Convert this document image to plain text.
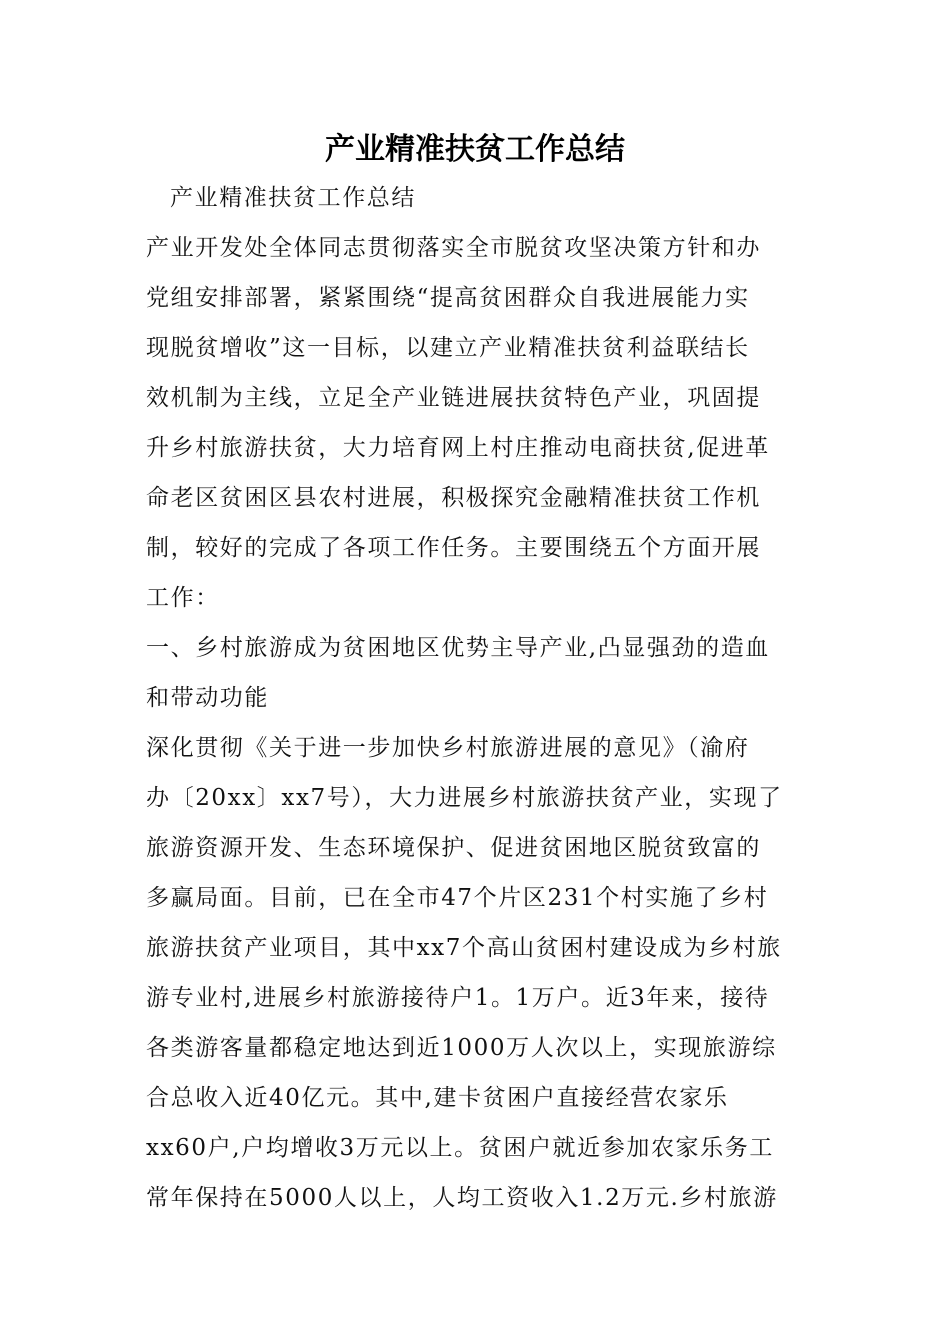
产业精准扶贫工作总结
产业精准扶贫工作总结
产业开发处全体同志贯彻落实全市脱贫攻坚决策方针和办
党组安排部署，紧紧围绕“提高贫困群众自我进展能力实
现脱贫增收”这一目标，以建立产业精准扶贫利益联结长
效机制为主线，立足全产业链进展扶贫特色产业，巩固提
升乡村旅游扶贫，大力培育网上村庄推动电商扶贫,促进革
命老区贫困区县农村进展，积极探究金融精准扶贫工作机
制，较好的完成了各项工作任务。主要围绕五个方面开展
工作：
一、乡村旅游成为贫困地区优势主导产业,凸显强劲的造血
和带动功能
深化贯彻《关于进一步加快乡村旅游进展的意见》（渝府
办〔20xx〕xx7号），大力进展乡村旅游扶贫产业，实现了
旅游资源开发、生态环境保护、促进贫困地区脱贫致富的
多赢局面。目前，已在全市47个片区231个村实施了乡村
旅游扶贫产业项目，其中xx7个高山贫困村建设成为乡村旅
游专业村,进展乡村旅游接待户1。1万户。近3年来，接待
各类游客量都稳定地达到近1000万人次以上，实现旅游综
合总收入近40亿元。其中,建卡贫困户直接经营农家乐
xx60户,户均增收3万元以上。贫困户就近参加农家乐务工
常年保持在5000人以上，人均工资收入1.2万元.乡村旅游
